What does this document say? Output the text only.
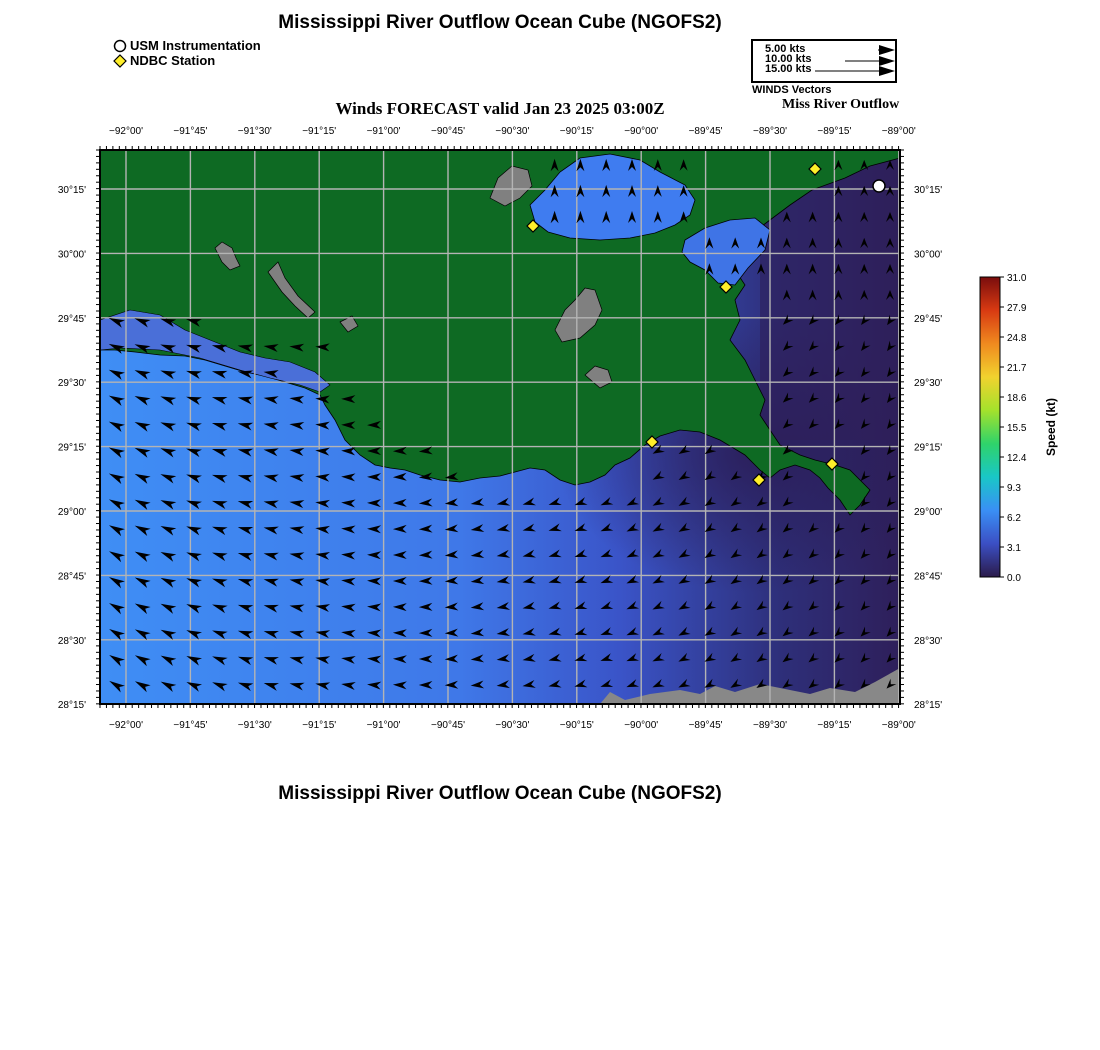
Mississippi River Outflow Ocean Cube (NGOFS2)
USM Instrumentation
NDBC Station
5.00 kts
10.00 kts
15.00 kts
WINDS Vectors
Winds FORECAST valid Jan 23 2025 03:00Z	Miss River Outflow
−92°00'
−92°00'
−91°45'
−91°45'
−91°30'
−91°30'
−91°15'
−91°15'
−91°00'
−91°00'
−90°45'
−90°45'
−90°30'
−90°30'
−90°15'
−90°15'
−90°00'
−90°00'
−89°45'
−89°45'
−89°30'
−89°30'
−89°15'
−89°15'
−89°00'
−89°00'
30°15'	30°15'
30°00'	30°00'
29°45'	29°45'
29°30'	29°30'
29°15'	29°15'
29°00'	29°00'
28°45'	28°45'
28°30'	28°30'
28°15'	28°15'
31.0
27.9
24.8
21.7
18.6
15.5
12.4
9.3
6.2
3.1
0.0
Speed (kt)
Mississippi River Outflow Ocean Cube (NGOFS2)
